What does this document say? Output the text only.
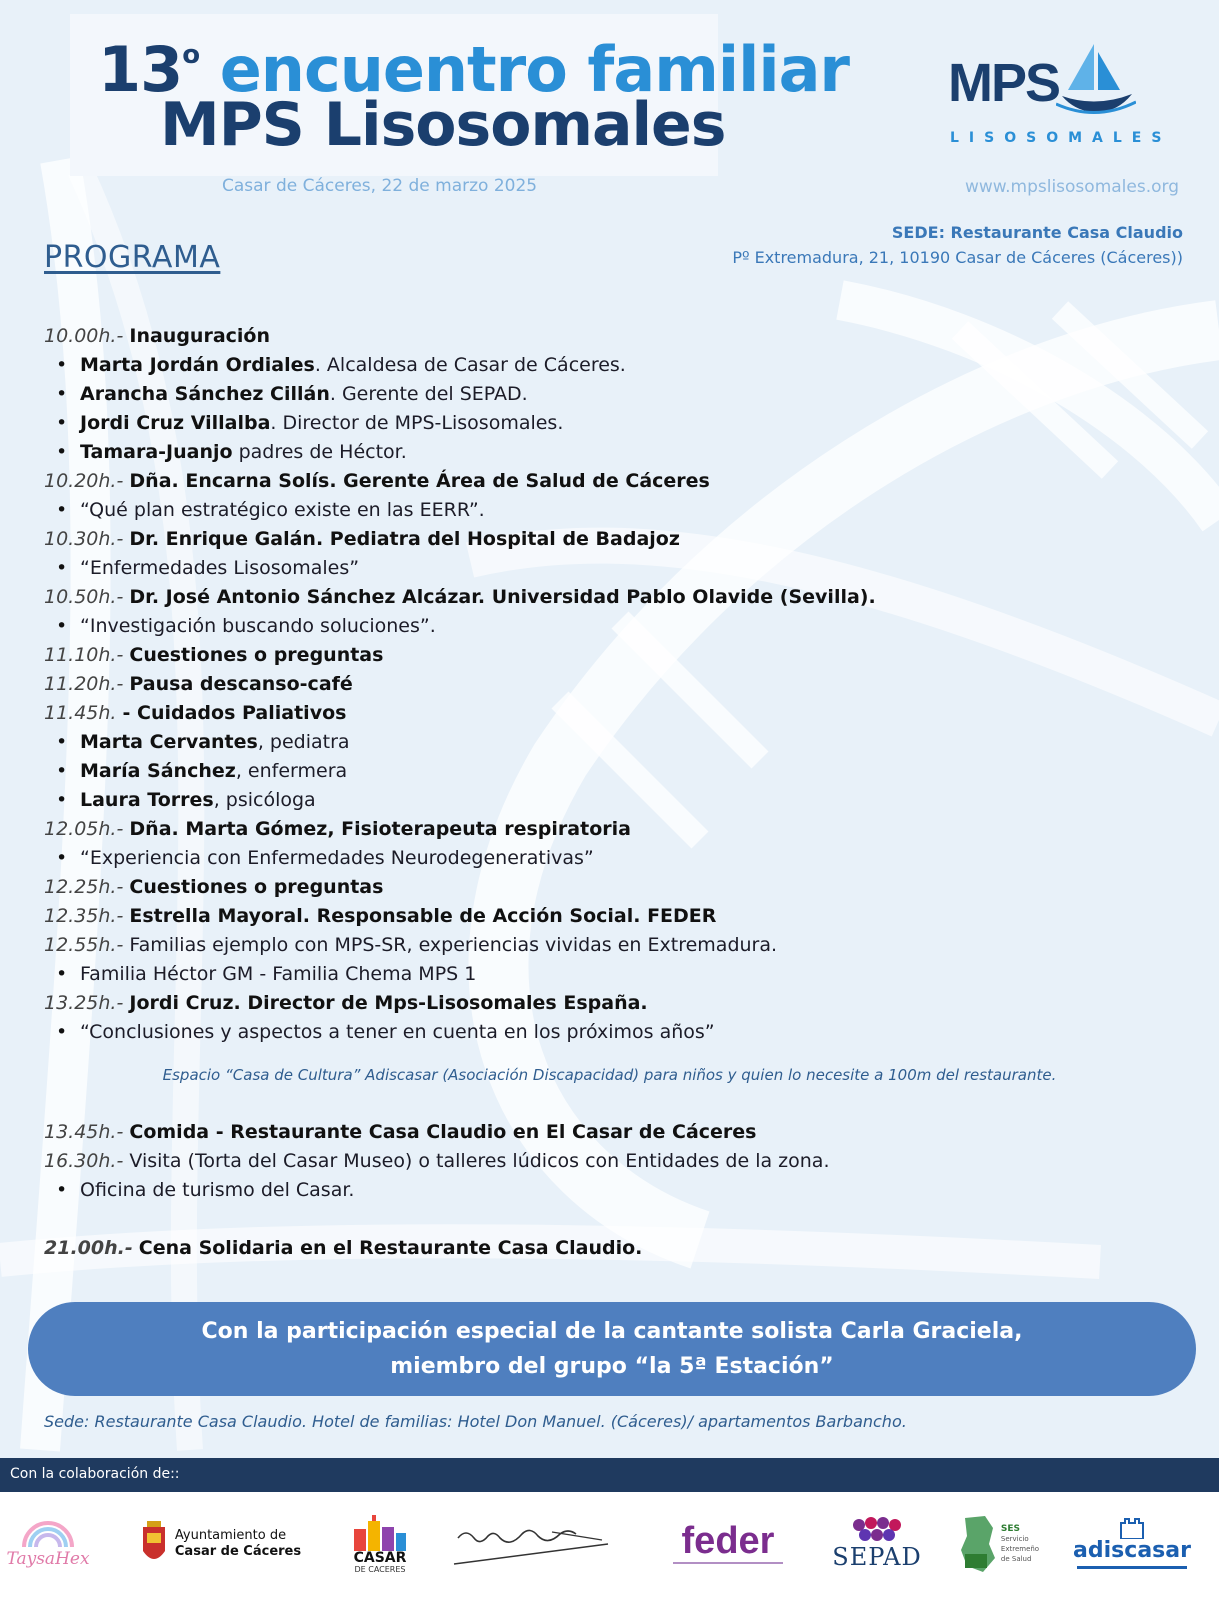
13$^o$ encuentro familiar
MPS Lisosomales
Casar de Cáceres, 22 de marzo 2025
MPS
LISOSOMALES
www.mpslisosomales.org
PROGRAMA
SEDE: Restaurante Casa Claudio
Pº Extremadura, 21, 10190 Casar de Cáceres (Cáceres))
10.00h.- Inauguración
• Marta Jordán Ordiales. Alcaldesa de Casar de Cáceres.
• Arancha Sánchez Cillán. Gerente del SEPAD.
• Jordi Cruz Villalba. Director de MPS-Lisosomales.
• Tamara-Juanjo padres de Héctor.
10.20h.- Dña. Encarna Solís. Gerente Área de Salud de Cáceres
• “Qué plan estratégico existe en las EERR”.
10.30h.- Dr. Enrique Galán. Pediatra del Hospital de Badajoz
• “Enfermedades Lisosomales”
10.50h.- Dr. José Antonio Sánchez Alcázar. Universidad Pablo Olavide (Sevilla).
• “Investigación buscando soluciones”.
11.10h.- Cuestiones o preguntas
11.20h.- Pausa descanso-café
11.45h. - Cuidados Paliativos
• Marta Cervantes, pediatra
• María Sánchez, enfermera
• Laura Torres, psicóloga
12.05h.- Dña. Marta Gómez, Fisioterapeuta respiratoria
• “Experiencia con Enfermedades Neurodegenerativas”
12.25h.- Cuestiones o preguntas
12.35h.- Estrella Mayoral. Responsable de Acción Social. FEDER
12.55h.- Familias ejemplo con MPS-SR, experiencias vividas en Extremadura.
• Familia Héctor GM - Familia Chema MPS 1
13.25h.- Jordi Cruz. Director de Mps-Lisosomales España.
• “Conclusiones y aspectos a tener en cuenta en los próximos años”
Espacio “Casa de Cultura” Adiscasar (Asociación Discapacidad) para niños y quien lo necesite a 100m del restaurante.
13.45h.- Comida - Restaurante Casa Claudio en El Casar de Cáceres
16.30h.- Visita (Torta del Casar Museo) o talleres lúdicos con Entidades de la zona.
• Oficina de turismo del Casar.
21.00h.- Cena Solidaria en el Restaurante Casa Claudio.
Con la participación especial de la cantante solista Carla Graciela,
miembro del grupo “la 5ª Estación”
Sede: Restaurante Casa Claudio. Hotel de familias: Hotel Don Manuel. (Cáceres)/ apartamentos Barbancho.
Con la colaboración de::
TaysaHex
Ayuntamiento de
Casar de Cáceres	CASAR
DE CACERES
feder SEPAD
SES
Servicio
Extremeño
de Salud	adiscasar
